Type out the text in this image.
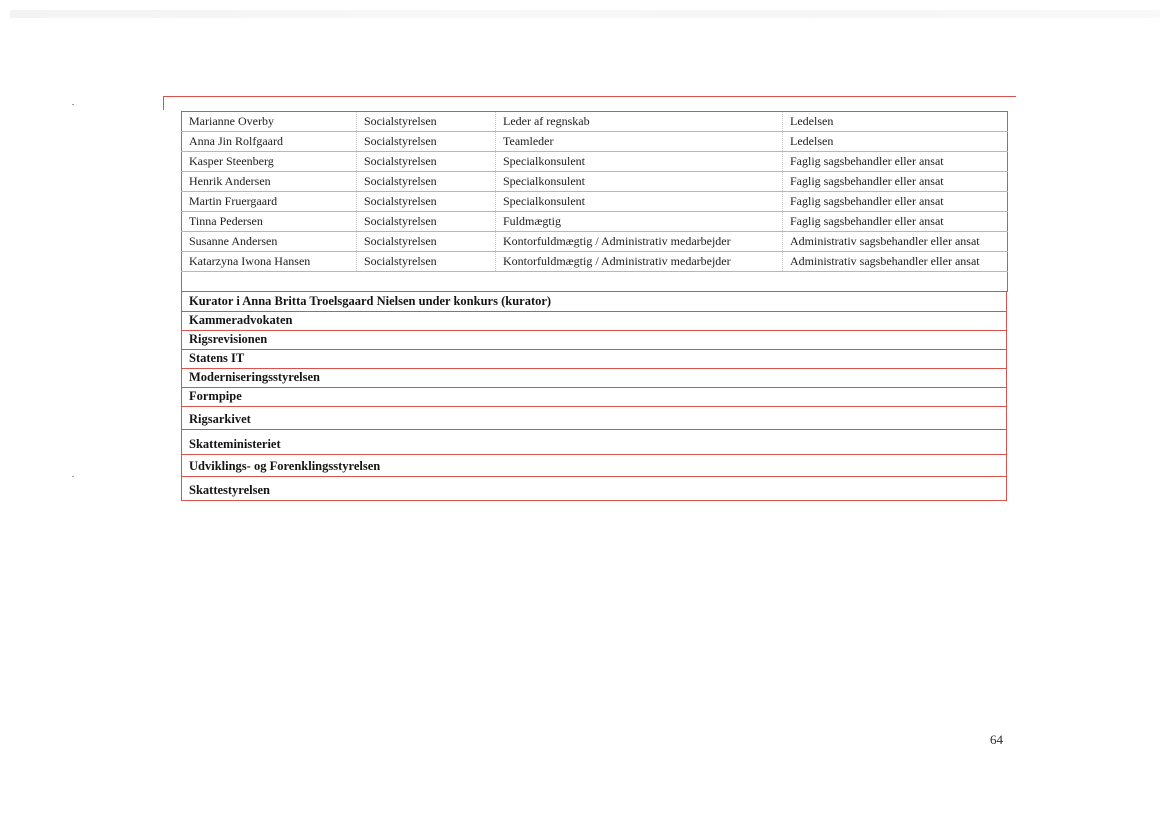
Marianne Overby	Socialstyrelsen	Leder af regnskab	Ledelsen
Anna Jin Rolfgaard	Socialstyrelsen	Teamleder	Ledelsen
Kasper Steenberg	Socialstyrelsen	Specialkonsulent	Faglig sagsbehandler eller ansat
Henrik Andersen	Socialstyrelsen	Specialkonsulent	Faglig sagsbehandler eller ansat
Martin Fruergaard	Socialstyrelsen	Specialkonsulent	Faglig sagsbehandler eller ansat
Tinna Pedersen	Socialstyrelsen	Fuldmægtig	Faglig sagsbehandler eller ansat
Susanne Andersen	Socialstyrelsen	Kontorfuldmægtig / Administrativ medarbejder	Administrativ sagsbehandler eller ansat
Katarzyna Iwona Hansen	Socialstyrelsen	Kontorfuldmægtig / Administrativ medarbejder	Administrativ sagsbehandler eller ansat

Kurator i Anna Britta Troelsgaard Nielsen under konkurs (kurator)
Kammeradvokaten
Rigsrevisionen
Statens IT
Moderniseringsstyrelsen
Formpipe
Rigsarkivet
Skatteministeriet
Udviklings- og Forenklingsstyrelsen
Skattestyrelsen
64
